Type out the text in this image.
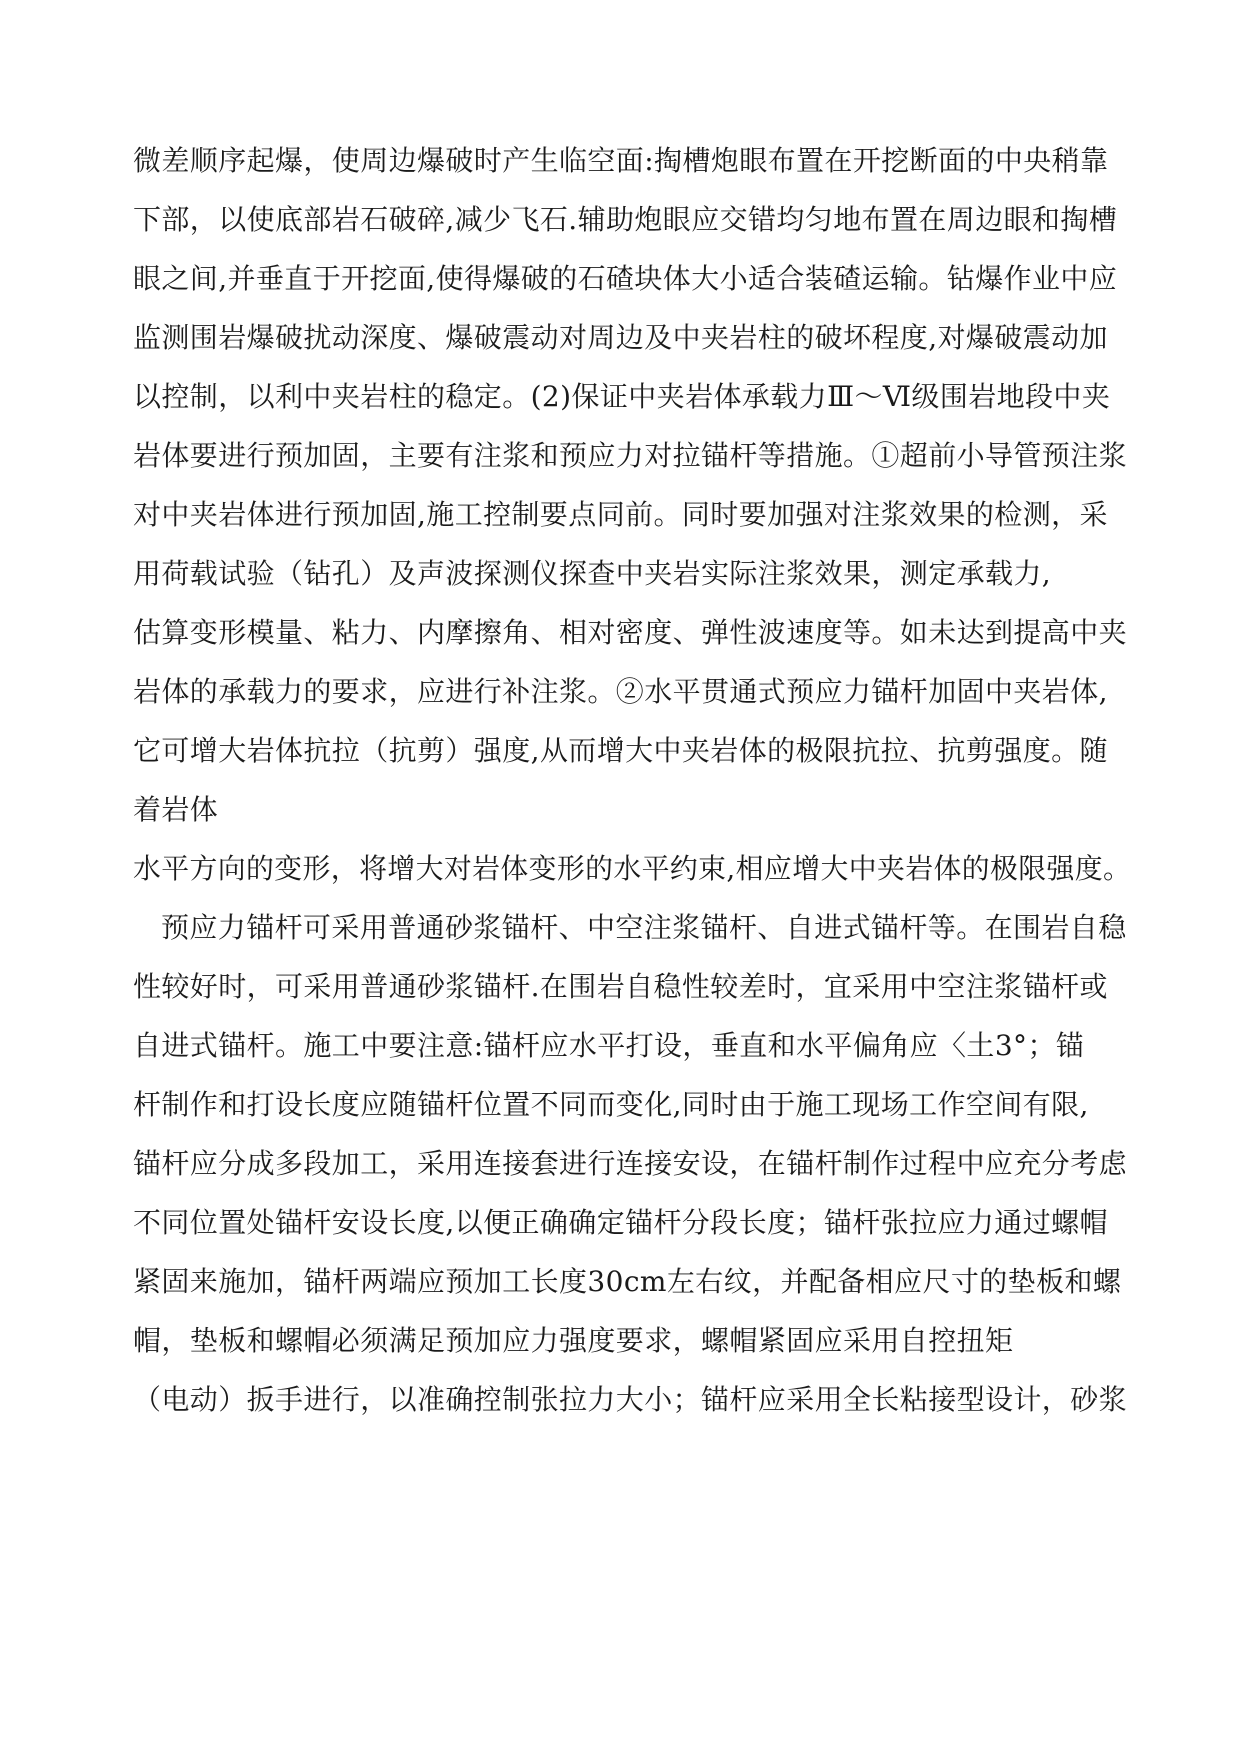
微差顺序起爆，使周边爆破时产生临空面:掏槽炮眼布置在开挖断面的中央稍靠
下部，以使底部岩石破碎,减少飞石.辅助炮眼应交错均匀地布置在周边眼和掏槽
眼之间,并垂直于开挖面,使得爆破的石碴块体大小适合装碴运输。钻爆作业中应
监测围岩爆破扰动深度、爆破震动对周边及中夹岩柱的破坏程度,对爆破震动加
以控制，以利中夹岩柱的稳定。(2)保证中夹岩体承载力Ⅲ～Ⅵ级围岩地段中夹
岩体要进行预加固，主要有注浆和预应力对拉锚杆等措施。①超前小导管预注浆
对中夹岩体进行预加固,施工控制要点同前。同时要加强对注浆效果的检测，采
用荷载试验（钻孔）及声波探测仪探查中夹岩实际注浆效果，测定承载力,
估算变形模量、粘力、内摩擦角、相对密度、弹性波速度等。如未达到提高中夹
岩体的承载力的要求，应进行补注浆。②水平贯通式预应力锚杆加固中夹岩体,
它可增大岩体抗拉（抗剪）强度,从而增大中夹岩体的极限抗拉、抗剪强度。随
着岩体
水平方向的变形，将增大对岩体变形的水平约束,相应增大中夹岩体的极限强度。
预应力锚杆可采用普通砂浆锚杆、中空注浆锚杆、自进式锚杆等。在围岩自稳
性较好时，可采用普通砂浆锚杆.在围岩自稳性较差时，宜采用中空注浆锚杆或
自进式锚杆。施工中要注意:锚杆应水平打设，垂直和水平偏角应〈土3°；锚
杆制作和打设长度应随锚杆位置不同而变化,同时由于施工现场工作空间有限,
锚杆应分成多段加工，采用连接套进行连接安设，在锚杆制作过程中应充分考虑
不同位置处锚杆安设长度,以便正确确定锚杆分段长度；锚杆张拉应力通过螺帽
紧固来施加，锚杆两端应预加工长度30cm左右纹，并配备相应尺寸的垫板和螺
帽，垫板和螺帽必须满足预加应力强度要求，螺帽紧固应采用自控扭矩
（电动）扳手进行，以准确控制张拉力大小；锚杆应采用全长粘接型设计，砂浆
